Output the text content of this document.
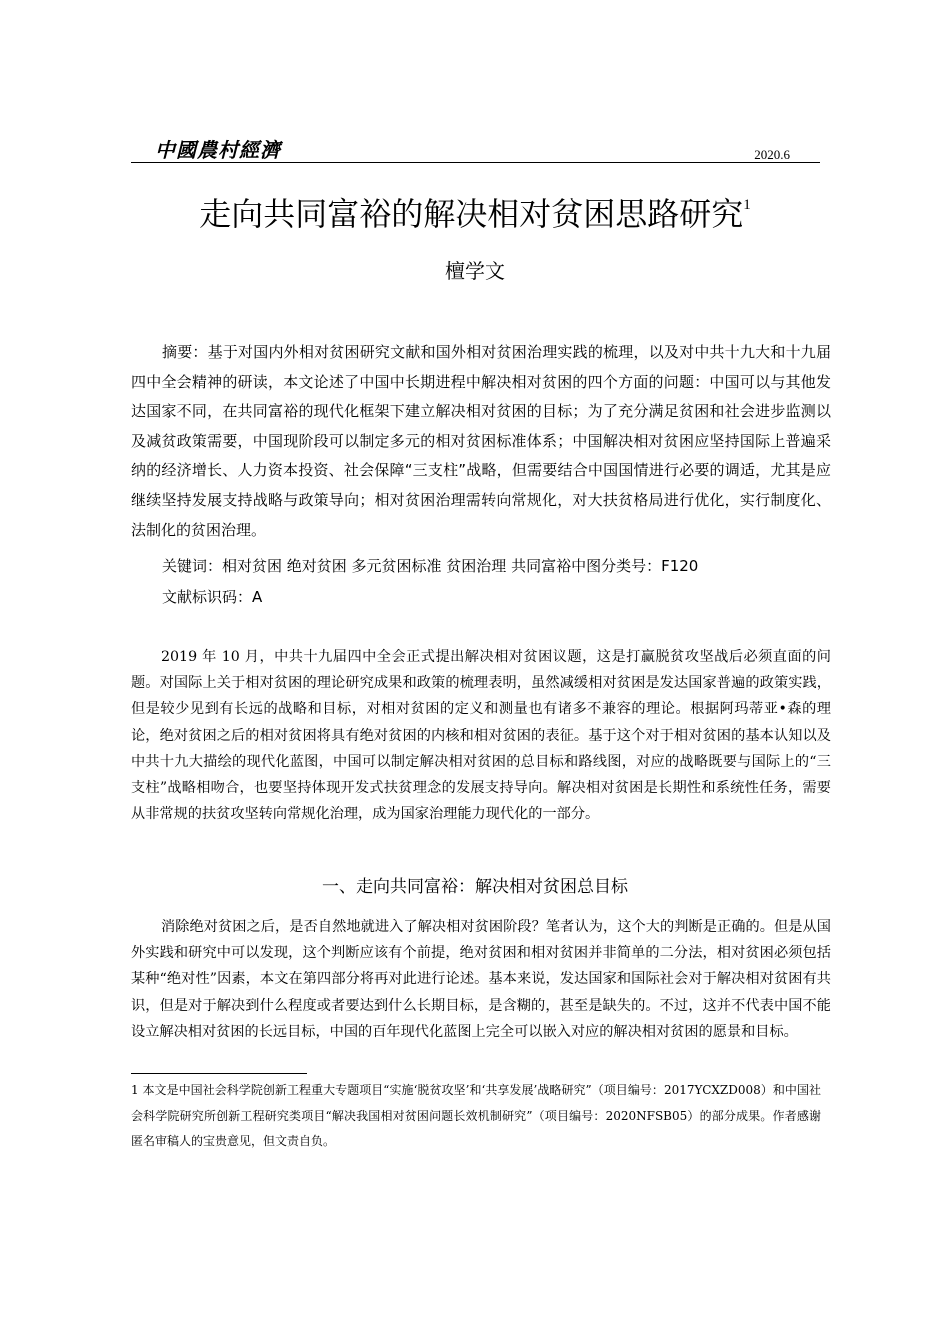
中國農村經濟	2020.6
走向共同富裕的解决相对贫困思路研究$^1$
檀学文

摘要：基于对国内外相对贫困研究文献和国外相对贫困治理实践的梳理，以及对中共十九大和十九届四中全会精神的研读，本文论述了中国中长期进程中解决相对贫困的四个方面的问题：中国可以与其他发达国家不同，在共同富裕的现代化框架下建立解决相对贫困的目标；为了充分满足贫困和社会进步监测以及减贫政策需要，中国现阶段可以制定多元的相对贫困标准体系；中国解决相对贫困应坚持国际上普遍采纳的经济增长、人力资本投资、社会保障“三支柱”战略，但需要结合中国国情进行必要的调适，尤其是应继续坚持发展支持战略与政策导向；相对贫困治理需转向常规化，对大扶贫格局进行优化，实行制度化、法制化的贫困治理。

关键词：相对贫困 绝对贫困 多元贫困标准 贫困治理 共同富裕中图分类号：F120
文献标识码：A

2019 年 10 月，中共十九届四中全会正式提出解决相对贫困议题，这是打赢脱贫攻坚战后必须直面的问题。对国际上关于相对贫困的理论研究成果和政策的梳理表明，虽然减缓相对贫困是发达国家普遍的政策实践，但是较少见到有长远的战略和目标，对相对贫困的定义和测量也有诸多不兼容的理论。根据阿玛蒂亚•森的理论，绝对贫困之后的相对贫困将具有绝对贫困的内核和相对贫困的表征。基于这个对于相对贫困的基本认知以及中共十九大描绘的现代化蓝图，中国可以制定解决相对贫困的总目标和路线图，对应的战略既要与国际上的“三支柱”战略相吻合，也要坚持体现开发式扶贫理念的发展支持导向。解决相对贫困是长期性和系统性任务，需要从非常规的扶贫攻坚转向常规化治理，成为国家治理能力现代化的一部分。

一、走向共同富裕：解决相对贫困总目标

消除绝对贫困之后，是否自然地就进入了解决相对贫困阶段？笔者认为，这个大的判断是正确的。但是从国外实践和研究中可以发现，这个判断应该有个前提，绝对贫困和相对贫困并非简单的二分法，相对贫困必须包括某种“绝对性”因素，本文在第四部分将再对此进行论述。基本来说，发达国家和国际社会对于解决相对贫困有共识，但是对于解决到什么程度或者要达到什么长期目标，是含糊的，甚至是缺失的。不过，这并不代表中国不能设立解决相对贫困的长远目标，中国的百年现代化蓝图上完全可以嵌入对应的解决相对贫困的愿景和目标。

1 本文是中国社会科学院创新工程重大专题项目“实施‘脱贫攻坚’和‘共享发展’战略研究”（项目编号：2017YCXZD008）和中国社会科学院研究所创新工程研究类项目“解决我国相对贫困问题长效机制研究”（项目编号：2020NFSB05）的部分成果。作者感谢匿名审稿人的宝贵意见，但文责自负。
